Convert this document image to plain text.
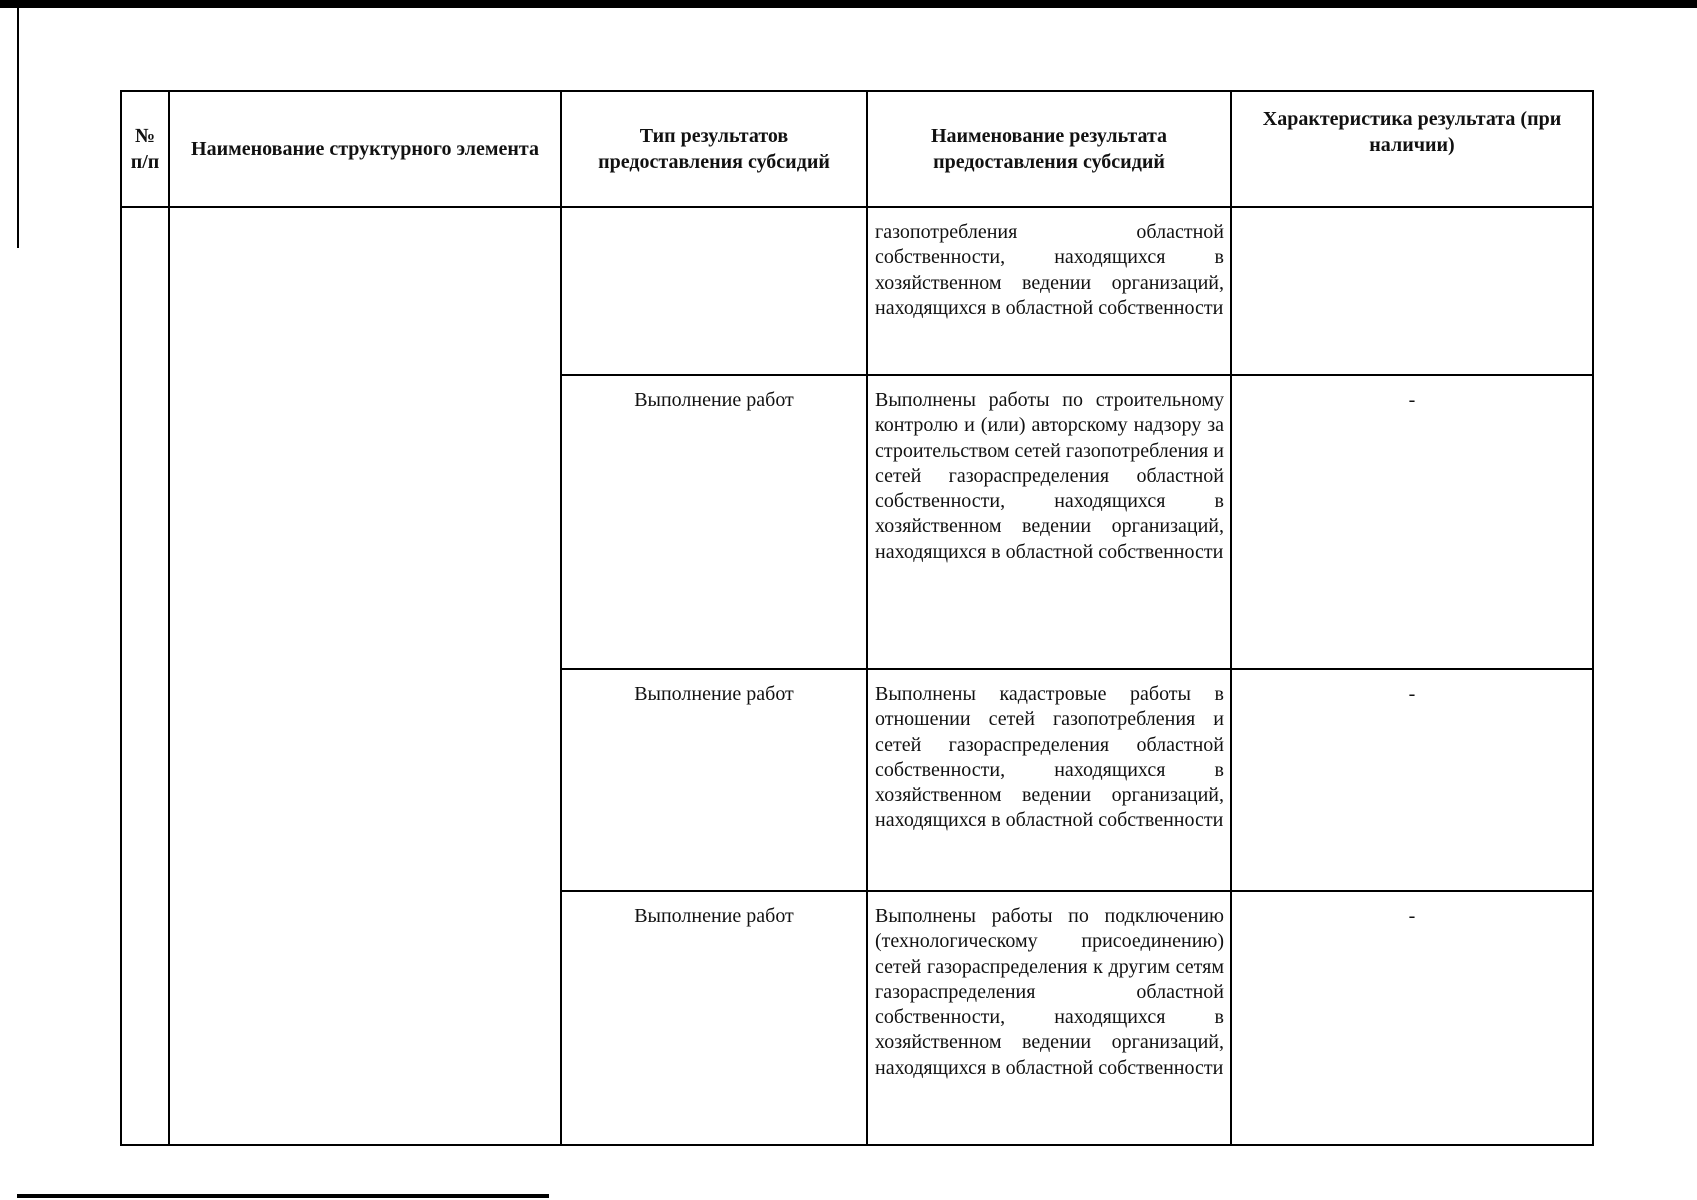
№ п/п	Наименование структурного элемента	Тип результатов предоставления субсидий	Наименование результата предоставления субсидий	Характеристика результата (при наличии)
			газопотребления областной собственности, находящихся в хозяйственном ведении организаций, находящихся в областной собственности	
		Выполнение работ	Выполнены работы по строительному контролю и (или) авторскому надзору за строительством сетей газопотребления и сетей газораспределения областной собственности, находящихся в хозяйственном ведении организаций, находящихся в областной собственности	-
		Выполнение работ	Выполнены кадастровые работы в отношении сетей газопотребления и сетей газораспределения областной собственности, находящихся в хозяйственном ведении организаций, находящихся в областной собственности	-
		Выполнение работ	Выполнены работы по подключению (технологическому присоединению) сетей газораспределения к другим сетям газораспределения областной собственности, находящихся в хозяйственном ведении организаций, находящихся в областной собственности	-
